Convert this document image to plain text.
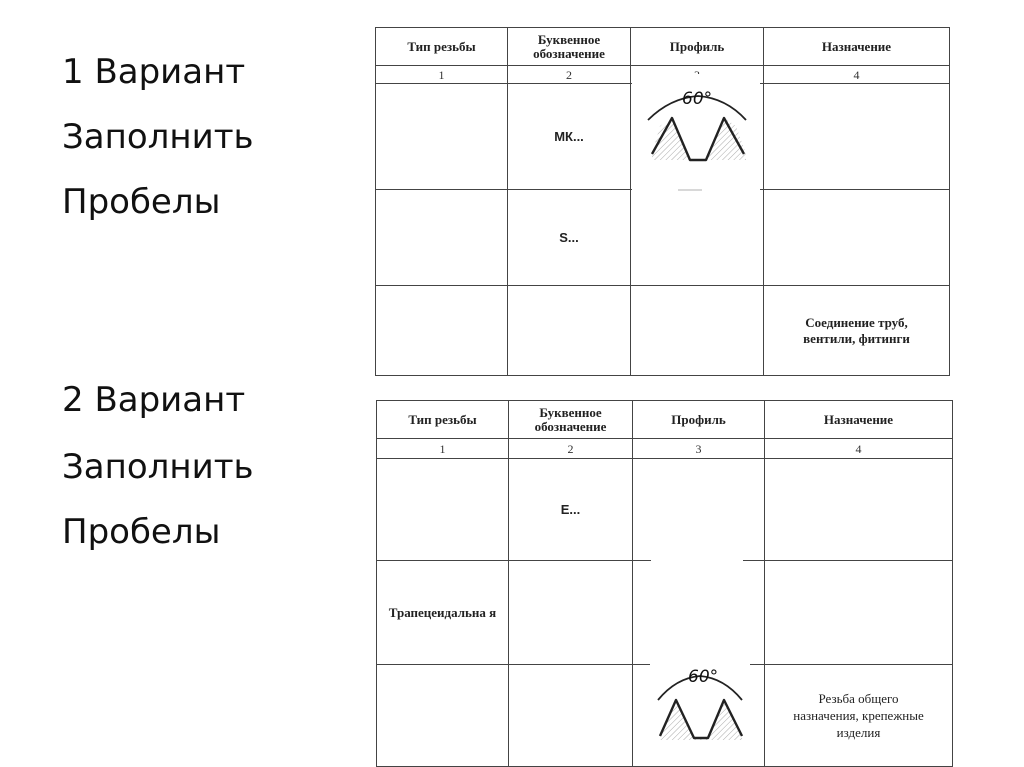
1 Вариант

Заполнить

Пробелы

2 Вариант

Заполнить

Пробелы

Тип резьбы	Буквенное обозначение	Профиль	Назначение
1	2		4
	МК...		
	S...		

			Соединение труб, вентили, фитинги
60°
Тип резьбы	Буквенное обозначение	Профиль	Назначение
1	2	3	4
	E...		

Трапецеидальна я			

			Резьба общего назначения, крепежные изделия
60°
